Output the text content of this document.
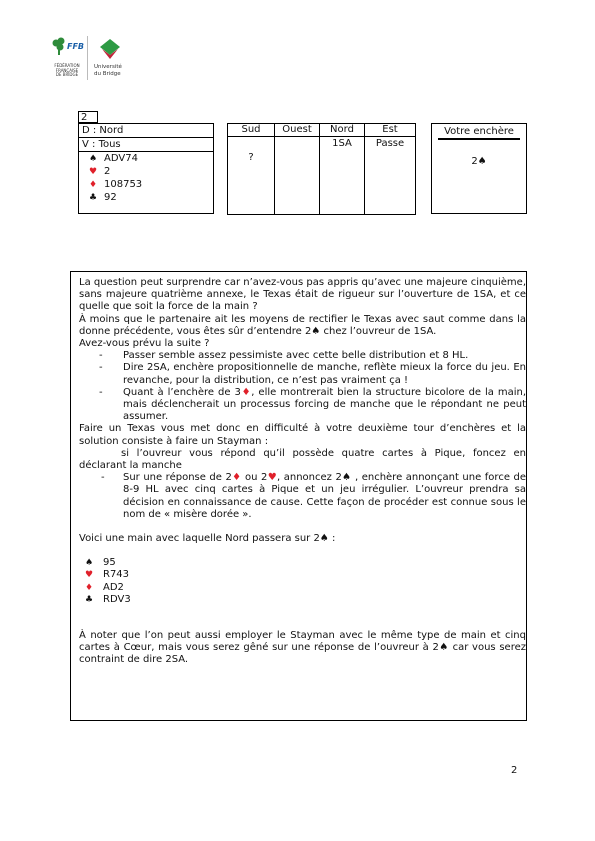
FFB
FÉDÉRATION
FRANÇAISE
DE BRIDGE
Université
du Bridge
2
D : Nord
V : Tous
♠ ADV74
♥ 2
♦ 108753
♣ 92
Sud	Ouest	Nord	Est

?		1SA	Passe
Votre enchère
2♠

La question peut surprendre car n’avez-vous pas appris qu’avec une majeure cinquième, sans majeure quatrième annexe, le Texas était de rigueur sur l’ouverture de 1SA, et ce quelle que soit la force de la main ?

À moins que le partenaire ait les moyens de rectifier le Texas avec saut comme dans la donne précédente, vous êtes sûr d’entendre 2♠ chez l’ouvreur de 1SA.

Avez-vous prévu la suite ?

- Passer semble assez pessimiste avec cette belle distribution et 8 HL.
- Dire 2SA, enchère propositionnelle de manche, reflète mieux la force du jeu. En revanche, pour la distribution, ce n’est pas vraiment ça !
- Quant à l’enchère de 3♦, elle montrerait bien la structure bicolore de la main, mais déclencherait un processus forcing de manche que le répondant ne peut assumer.

Faire un Texas vous met donc en difficulté à votre deuxième tour d’enchères et la solution consiste à faire un Stayman :

si l’ouvreur vous répond qu’il possède quatre cartes à Pique, foncez en déclarant la manche

- Sur une réponse de 2♦ ou 2♥, annoncez 2♠ , enchère annonçant une force de 8-9 HL avec cinq cartes à Pique et un jeu irrégulier. L’ouvreur prendra sa décision en connaissance de cause. Cette façon de procéder est connue sous le nom de « misère dorée ».

Voici une main avec laquelle Nord passera sur 2♠ :

♠ 95
♥ R743
♦ AD2
♣ RDV3

À noter que l’on peut aussi employer le Stayman avec le même type de main et cinq cartes à Cœur, mais vous serez gêné sur une réponse de l’ouvreur à 2♠ car vous serez contraint de dire 2SA.

2
